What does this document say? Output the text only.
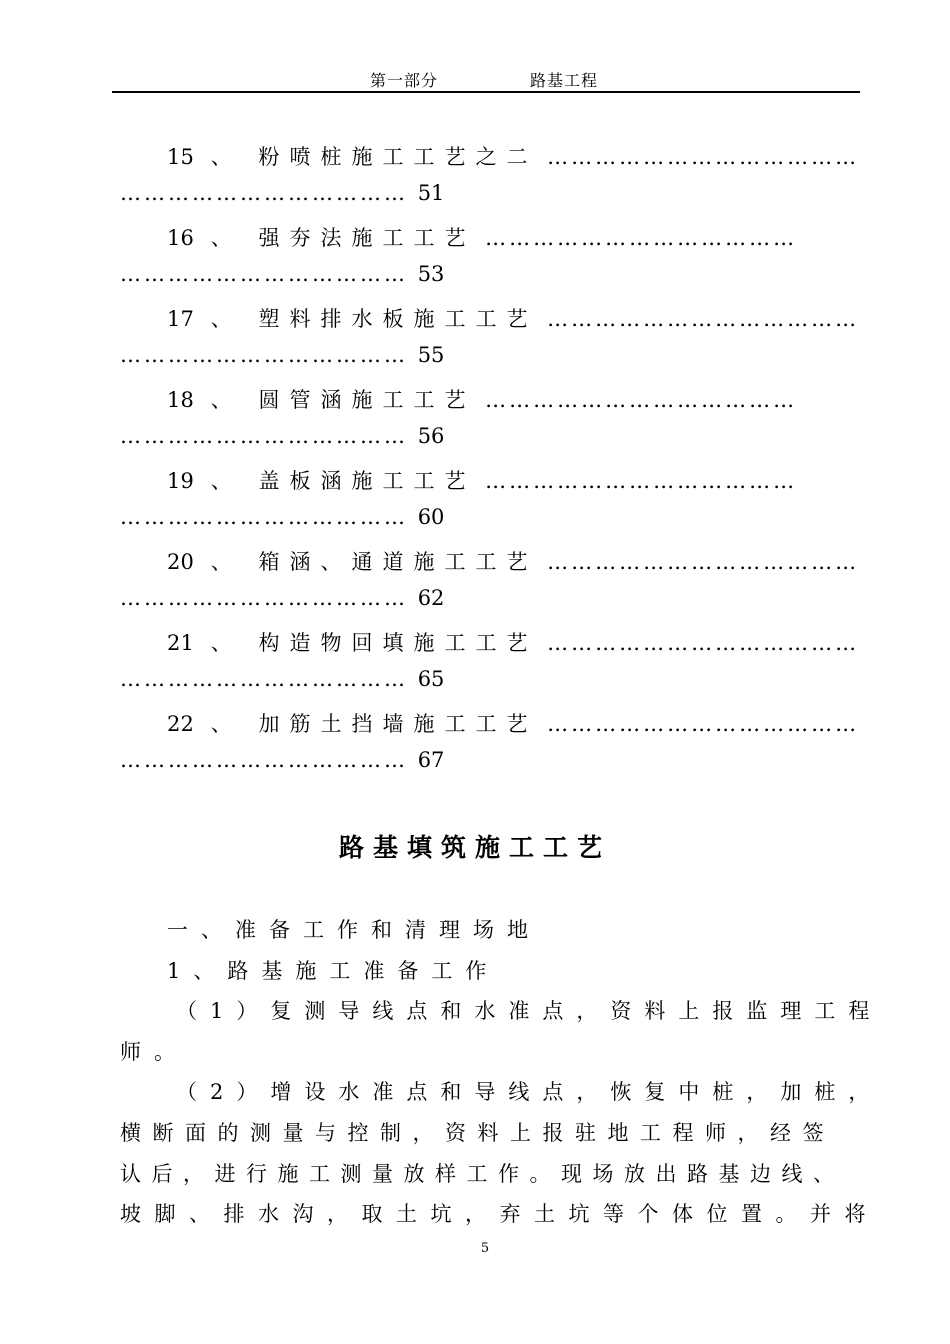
第一部分	路基工程
15 、 粉喷桩施工工艺之二 …………………………………
……………………………… 51
16 、 强夯法施工工艺 …………………………………
……………………………… 53
17 、 塑料排水板施工工艺 …………………………………
……………………………… 55
18 、 圆管涵施工工艺 …………………………………
……………………………… 56
19 、 盖板涵施工工艺 …………………………………
……………………………… 60
20 、 箱涵、通道施工工艺 …………………………………
……………………………… 62
21 、 构造物回填施工工艺 …………………………………
……………………………… 65
22 、 加筋土挡墙施工工艺 …………………………………
……………………………… 67
路基填筑施工工艺
一、准备工作和清理场地
1、路基施工准备工作
（1）复测导线点和水准点，资料上报监理工程
师。
（2）增设水准点和导线点，恢复中桩，加桩，
横断面的测量与控制，资料上报驻地工程师，经签
认后，进行施工测量放样工作。现场放出路基边线、
坡脚、排水沟，取土坑，弃土坑等个体位置。并将
5
